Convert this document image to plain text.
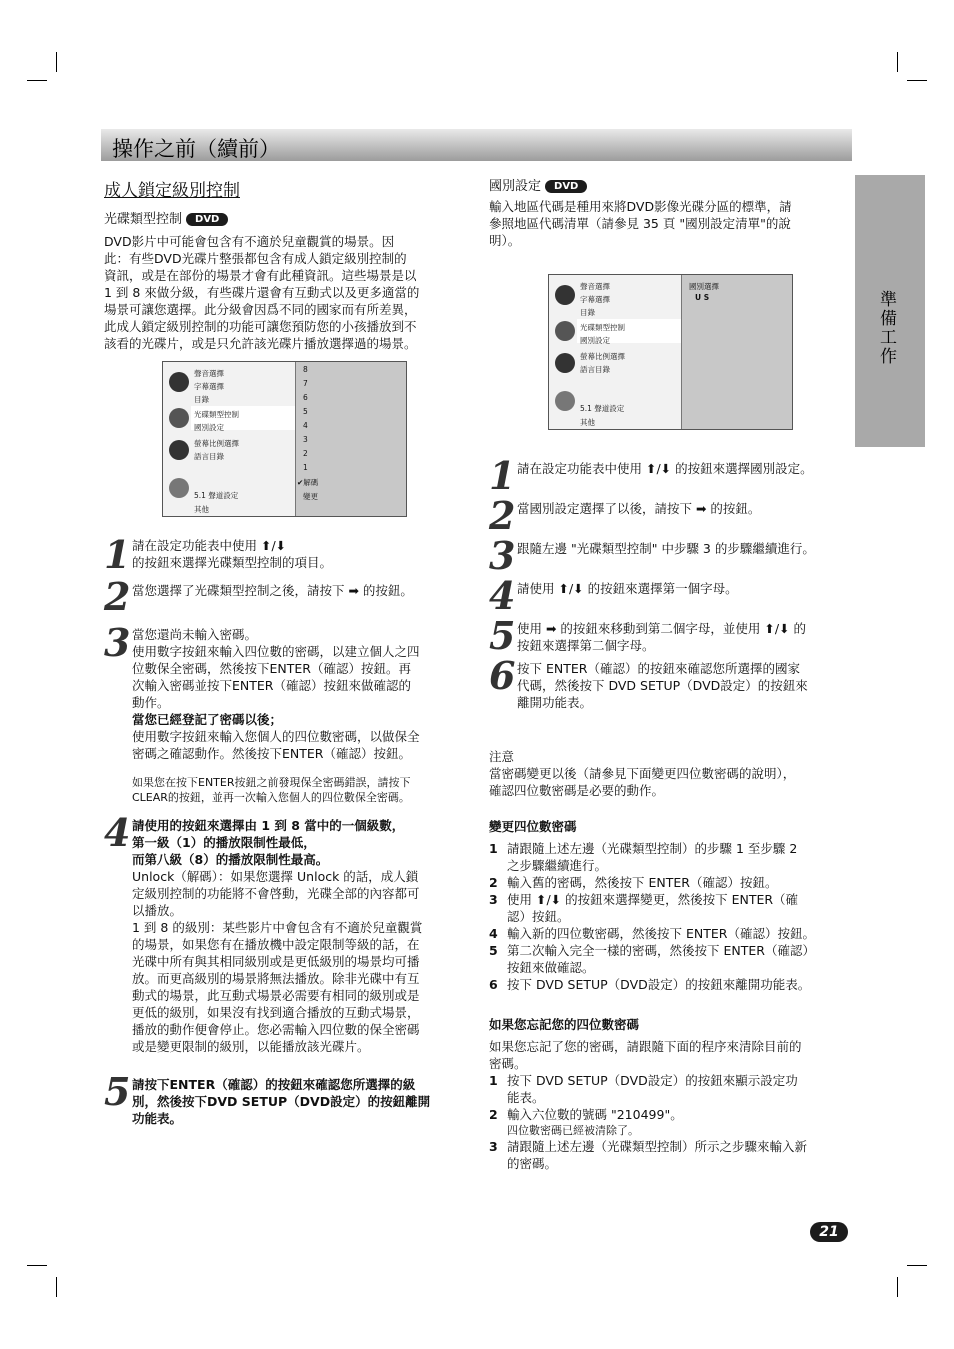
操作之前（續前）
準備工作
成人鎖定級別控制
光碟類型控制 DVD
DVD影片中可能會包含有不適於兒童觀賞的場景。因
此：有些DVD光碟片整張都包含有成人鎖定級別控制的
資訊，或是在部份的場景才會有此種資訊。這些場景是以
1 到 8 來做分級，有些碟片還會有互動式以及更多適當的
場景可讓您選擇。此分級會因爲不同的國家而有所差異，
此成人鎖定級別控制的功能可讓您預防您的小孩播放到不
該看的光碟片，或是只允許該光碟片播放選擇過的場景。
聲音選擇
字幕選擇
目錄
光碟類型控制
國別設定
螢幕比例選擇
語言目錄
5.1 聲道設定
其他
8
7
6
5
4
3
2
1
✔解碼
變更
1 請在設定功能表中使用 ⬆/⬇
的按鈕來選擇光碟類型控制的項目。
2 當您選擇了光碟類型控制之後，請按下 ➡ 的按鈕。
3 當您還尚未輸入密碼。
使用數字按鈕來輸入四位數的密碼，以建立個人之四
位數保全密碼，然後按下ENTER（確認）按鈕。再
次輸入密碼並按下ENTER（確認）按鈕來做確認的
動作。
當您已經登記了密碼以後；
使用數字按鈕來輸入您個人的四位數密碼，以做保全
密碼之確認動作。然後按下ENTER（確認）按鈕。
如果您在按下ENTER按鈕之前發現保全密碼錯誤，請按下
CLEAR的按鈕，並再一次輸入您個人的四位數保全密碼。
4 請使用的按鈕來選擇由 1 到 8 當中的一個級數，
第一級（1）的播放限制性最低，
而第八級（8）的播放限制性最高。
Unlock（解碼）：如果您選擇 Unlock 的話，成人鎖
定級別控制的功能將不會啓動，光碟全部的內容都可
以播放。
1 到 8 的級別：某些影片中會包含有不適於兒童觀賞
的場景，如果您有在播放機中設定限制等級的話，在
光碟中所有與其相同級別或是更低級別的場景均可播
放。而更高級別的場景將無法播放。除非光碟中有互
動式的場景，此互動式場景必需要有相同的級別或是
更低的級別，如果沒有找到適合播放的互動式場景，
播放的動作便會停止。您必需輸入四位數的保全密碼
或是變更限制的級別，以能播放該光碟片。
5 請按下ENTER（確認）的按鈕來確認您所選擇的級
別，然後按下DVD SETUP（DVD設定）的按鈕離開
功能表。
國別設定 DVD
輸入地區代碼是種用來將DVD影像光碟分區的標準，請
參照地區代碼清單（請參見 35 頁 "國別設定清單"的說
明）。
聲音選擇
字幕選擇
目錄
光碟類型控制
國別設定
螢幕比例選擇
語言目錄
5.1 聲道設定
其他
國別選擇
U S
1 請在設定功能表中使用 ⬆/⬇ 的按鈕來選擇國別設定。
2 當國別設定選擇了以後，請按下 ➡ 的按鈕。
3 跟隨左邊 "光碟類型控制" 中步驟 3 的步驟繼續進行。
4 請使用 ⬆/⬇ 的按鈕來選擇第一個字母。
5 使用 ➡ 的按鈕來移動到第二個字母，並使用 ⬆/⬇ 的
按鈕來選擇第二個字母。
6 按下 ENTER（確認）的按鈕來確認您所選擇的國家
代碼，然後按下 DVD SETUP（DVD設定）的按鈕來
離開功能表。
注意
當密碼變更以後（請參見下面變更四位數密碼的說明），
確認四位數密碼是必要的動作。
變更四位數密碼
1 請跟隨上述左邊（光碟類型控制）的步驟 1 至步驟 2
之步驟繼續進行。
2 輸入舊的密碼，然後按下 ENTER（確認）按鈕。
3 使用 ⬆/⬇ 的按鈕來選擇變更，然後按下 ENTER（確
認）按鈕。
4 輸入新的四位數密碼，然後按下 ENTER（確認）按鈕。
5 第二次輸入完全一樣的密碼，然後按下 ENTER（確認）
按鈕來做確認。
6 按下 DVD SETUP（DVD設定）的按鈕來離開功能表。
如果您忘記您的四位數密碼
如果您忘記了您的密碼，請跟隨下面的程序來清除目前的
密碼。
1 按下 DVD SETUP（DVD設定）的按鈕來顯示設定功
能表。
2 輸入六位數的號碼 "210499"。
四位數密碼已經被清除了。
3 請跟隨上述左邊（光碟類型控制）所示之步驟來輸入新
的密碼。
21
